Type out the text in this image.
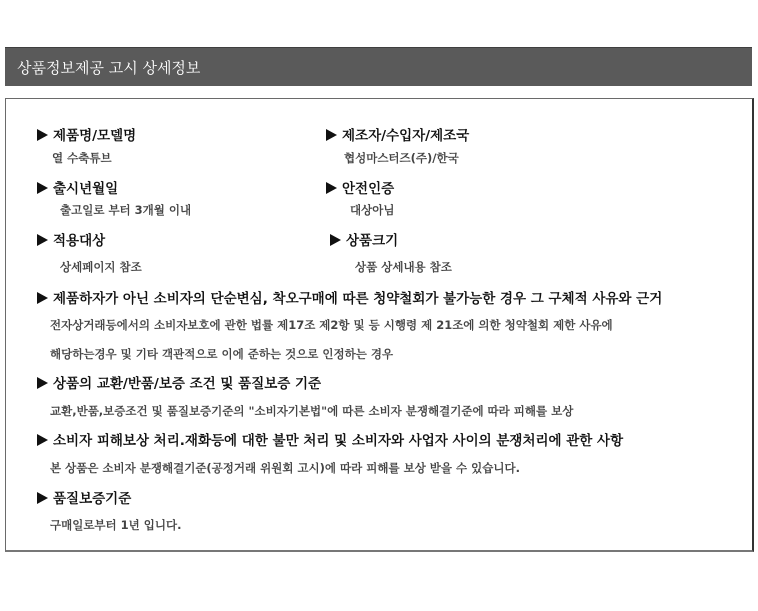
상품정보제공 고시 상세정보
제품명/모델명
열 수축튜브
제조자/수입자/제조국
협성마스터즈(주)/한국
출시년월일
출고일로 부터 3개월 이내
안전인증
대상아님
적용대상
상세페이지 참조
상품크기
상품 상세내용 참조
제품하자가 아닌 소비자의 단순변심, 착오구매에 따른 청약철회가 불가능한 경우 그 구체적 사유와 근거
전자상거래등에서의 소비자보호에 관한 법률 제17조 제2항 및 등 시행령 제 21조에 의한 청약철회 제한 사유에
해당하는경우 및 기타 객관적으로 이에 준하는 것으로 인정하는 경우
상품의 교환/반품/보증 조건 및 품질보증 기준
교환,반품,보증조건 및 품질보증기준의 "소비자기본법"에 따른 소비자 분쟁해결기준에 따라 피해를 보상
소비자 피해보상 처리.재화등에 대한 불만 처리 및 소비자와 사업자 사이의 분쟁처리에 관한 사항
본 상품은 소비자 분쟁해결기준(공정거래 위원회 고시)에 따라 피해를 보상 받을 수 있습니다.
품질보증기준
구매일로부터 1년 입니다.
